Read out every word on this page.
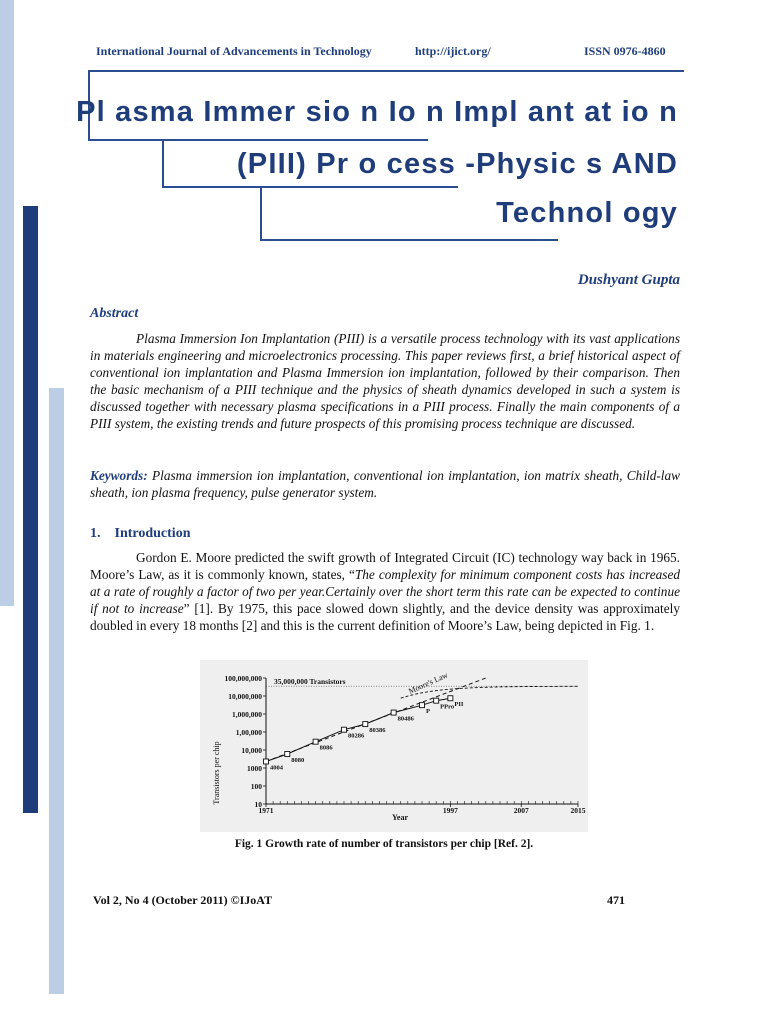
International Journal of Advancements in Technology	http://ijict.org/	ISSN 0976-4860
Pl asma Immer sio n Io n Impl ant at io n
(PIII) Pr o cess -Physic s AND
Technol ogy
Dushyant Gupta
Abstract
Plasma Immersion Ion Implantation (PIII) is a versatile process technology with its vast applications in materials engineering and microelectronics processing. This paper reviews first, a brief historical aspect of conventional ion implantation and Plasma Immersion ion implantation, followed by their comparison. Then the basic mechanism of a PIII technique and the physics of sheath dynamics developed in such a system is discussed together with necessary plasma specifications in a PIII process. Finally the main components of a PIII system, the existing trends and future prospects of this promising process technique are discussed.
Keywords: Plasma immersion ion implantation, conventional ion implantation, ion matrix sheath, Child-law sheath, ion plasma frequency, pulse generator system.
1.    Introduction
Gordon E. Moore predicted the swift growth of Integrated Circuit (IC) technology way back in 1965. Moore’s Law, as it is commonly known, states, “The complexity for minimum component costs has increased at a rate of roughly a factor of two per year.Certainly over the short term this rate can be expected to continue if not to increase” [1]. By 1975, this pace slowed down slightly, and the device density was approximately doubled in every 18 months [2] and this is the current definition of Moore’s Law, being depicted in Fig. 1.
10
100
1000
10,000
1,00,000
1,000,000
10,000,000
100,000,000
1971	1997	2007	2015
35,000,000 Transistors
4004
8080
8086
80286
80386
80486
P
PPro PII
Transistors per chip
Year
Moore's Law
Fig. 1 Growth rate of number of transistors per chip [Ref. 2].
Vol 2, No 4 (October 2011) ©IJoAT	471
